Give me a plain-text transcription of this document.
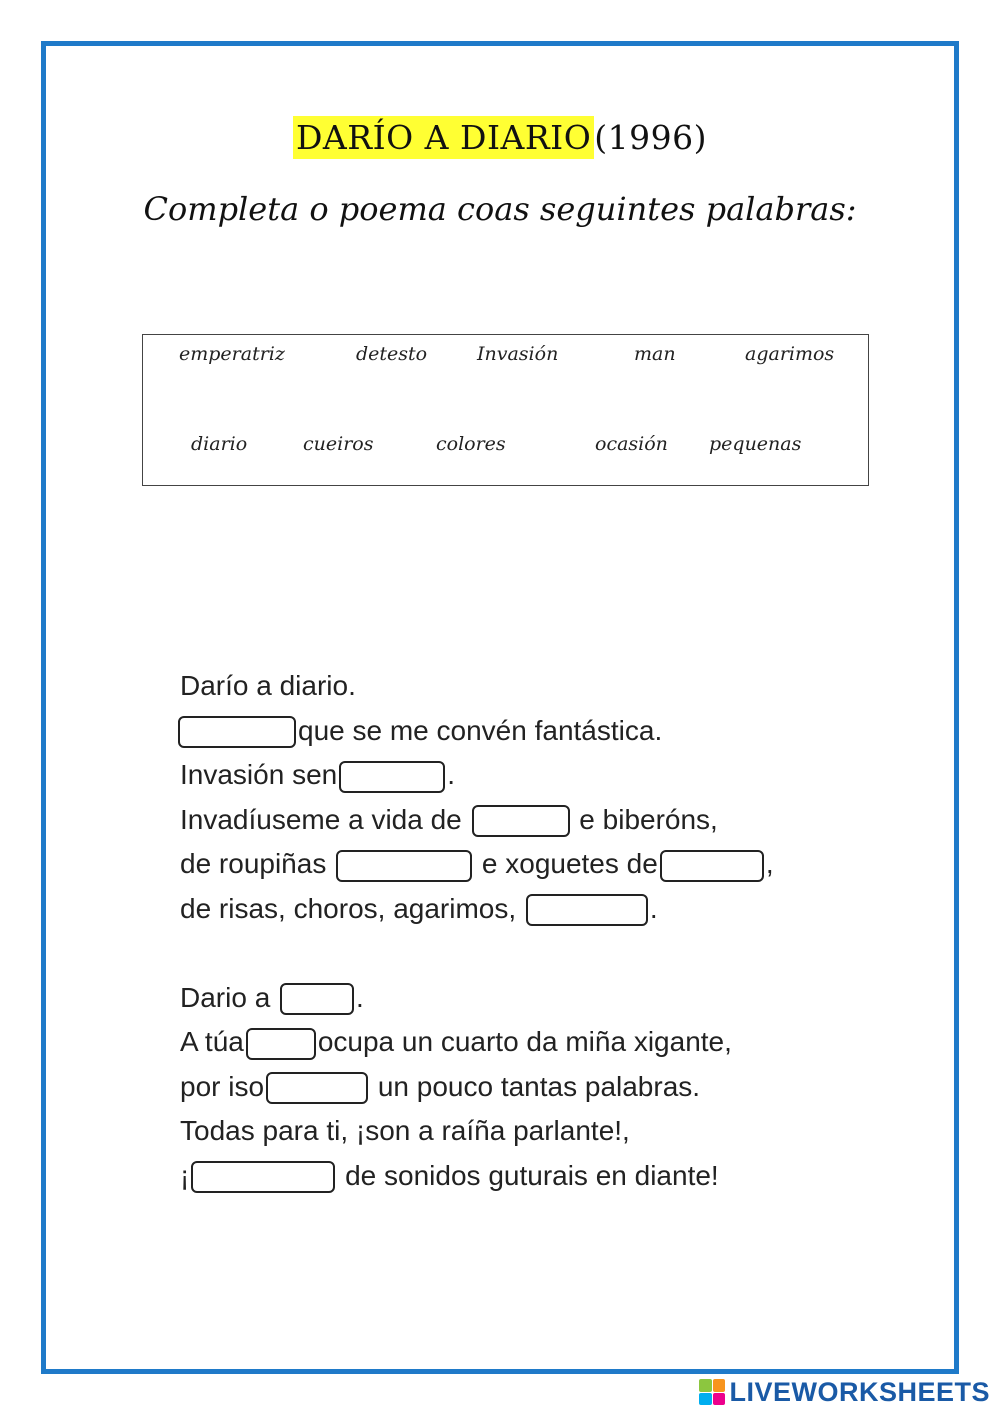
DARÍO A DIARIO(1996)
Completa o poema coas seguintes palabras:
emperatriz	detesto	Invasión	man	agarimos
diario	cueiros	colores	ocasión pequenas
Darío a diario.
que se me convén fantástica.
Invasión sen	.
Invadíuseme a vida de	e biberóns,
de roupiñas	e xoguetes de	,
de risas, choros, agarimos,	.
Dario a	.
A túa	ocupa un cuarto da miña xigante,
por iso	un pouco tantas palabras.
Todas para ti, ¡son a raíña parlante!,
¡	de sonidos guturais en diante!
LIVEWORKSHEETS
